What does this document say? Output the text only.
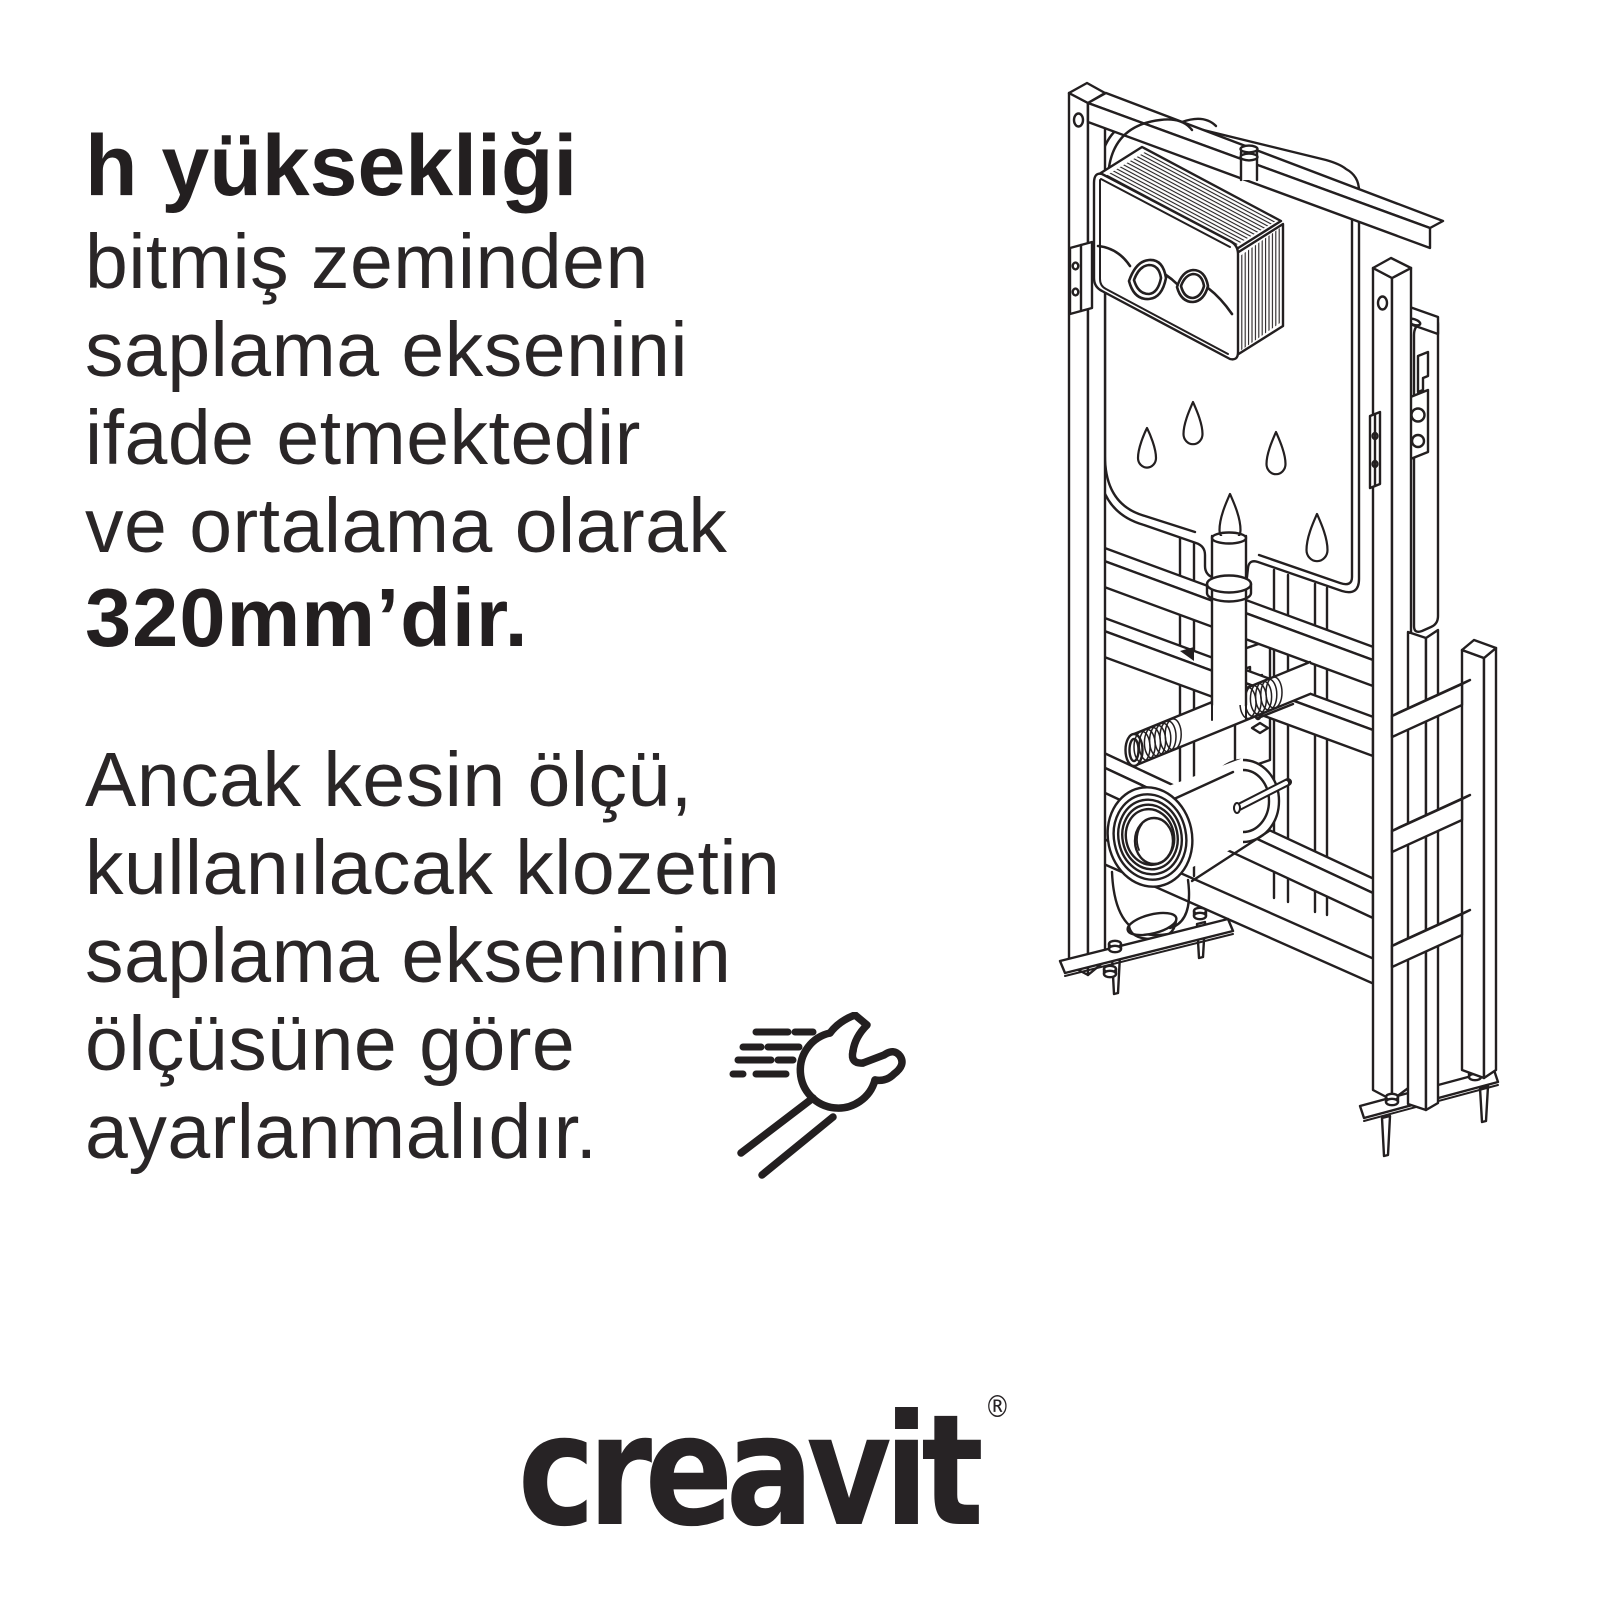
h yüksekliği
bitmiş zeminden
saplama eksenini
ifade etmektedir
ve ortalama olarak
320mm’dir.
Ancak kesin ölçü,
kullanılacak klozetin
saplama ekseninin
ölçüsüne göre
ayarlanmalıdır.
creavit ®
